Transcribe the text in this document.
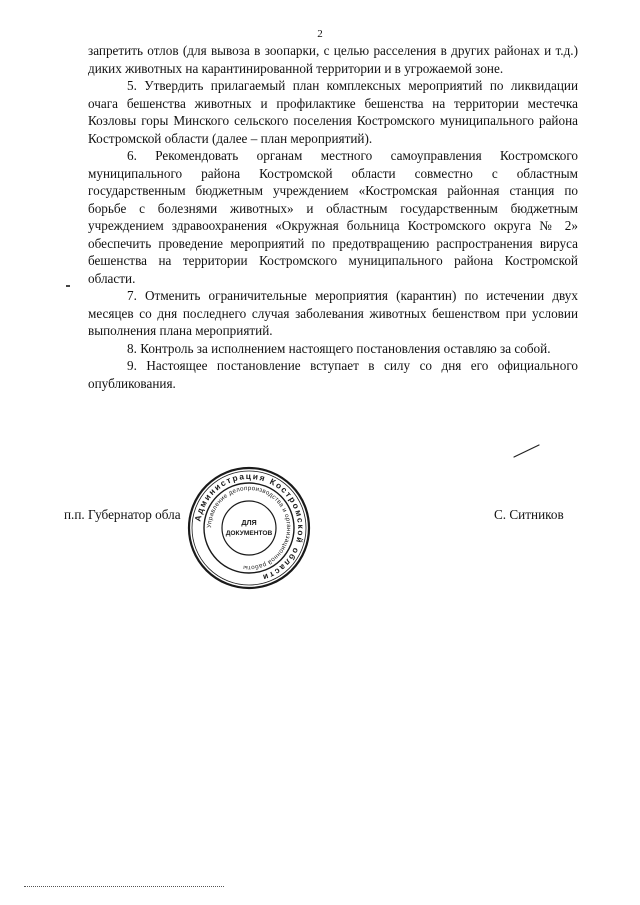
2

запретить отлов (для вывоза в зоопарки, с целью расселения в других районах и т.д.) диких животных на карантинированной территории и в угрожаемой зоне.

5. Утвердить прилагаемый план комплексных мероприятий по ликвидации очага бешенства животных и профилактике бешенства на территории местечка Козловы горы Минского сельского поселения Костромского муниципального района Костромской области (далее – план мероприятий).

6. Рекомендовать органам местного самоуправления Костромского муниципального района Костромской области совместно с областным государственным бюджетным учреждением «Костромская районная станция по борьбе с болезнями животных» и областным государственным бюджетным учреждением здравоохранения «Окружная больница Костромского округа № 2» обеспечить проведение мероприятий по предотвращению распространения вируса бешенства на территории Костромского муниципального района Костромской области.

7. Отменить ограничительные мероприятия (карантин) по истечении двух месяцев со дня последнего случая заболевания животных бешенством при условии выполнения плана мероприятий.

8. Контроль за исполнением настоящего постановления оставляю за собой.

9. Настоящее постановление вступает в силу со дня его официального опубликования.

п.п. Губернатор обла	С. Ситников
Администрация Костромской области
Управление делопроизводства и организационной работы
ДЛЯ
ДОКУМЕНТОВ
